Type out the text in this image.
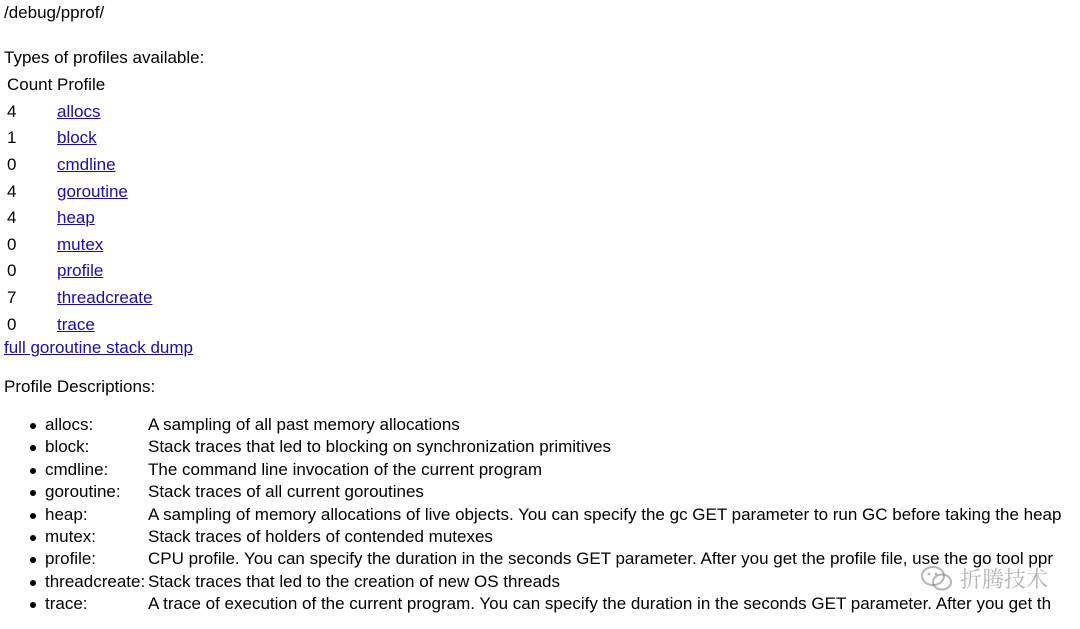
/debug/pprof/
Types of profiles available:
Count	Profile
4	allocs
1	block
0	cmdline
4	goroutine
4	heap
0	mutex
0	profile
7	threadcreate
0	trace
full goroutine stack dump
Profile Descriptions:
allocs:	A sampling of all past memory allocations
block:	Stack traces that led to blocking on synchronization primitives
cmdline: The command line invocation of the current program
goroutine: Stack traces of all current goroutines
heap:	A sampling of memory allocations of live objects. You can specify the gc GET parameter to run GC before taking the heap
mutex:	Stack traces of holders of contended mutexes
profile:	CPU profile. You can specify the duration in the seconds GET parameter. After you get the profile file, use the go tool ppr
threadcreate: Stack traces that led to the creation of new OS threads
trace:	A trace of execution of the current program. You can specify the duration in the seconds GET parameter. After you get th
折腾技术
